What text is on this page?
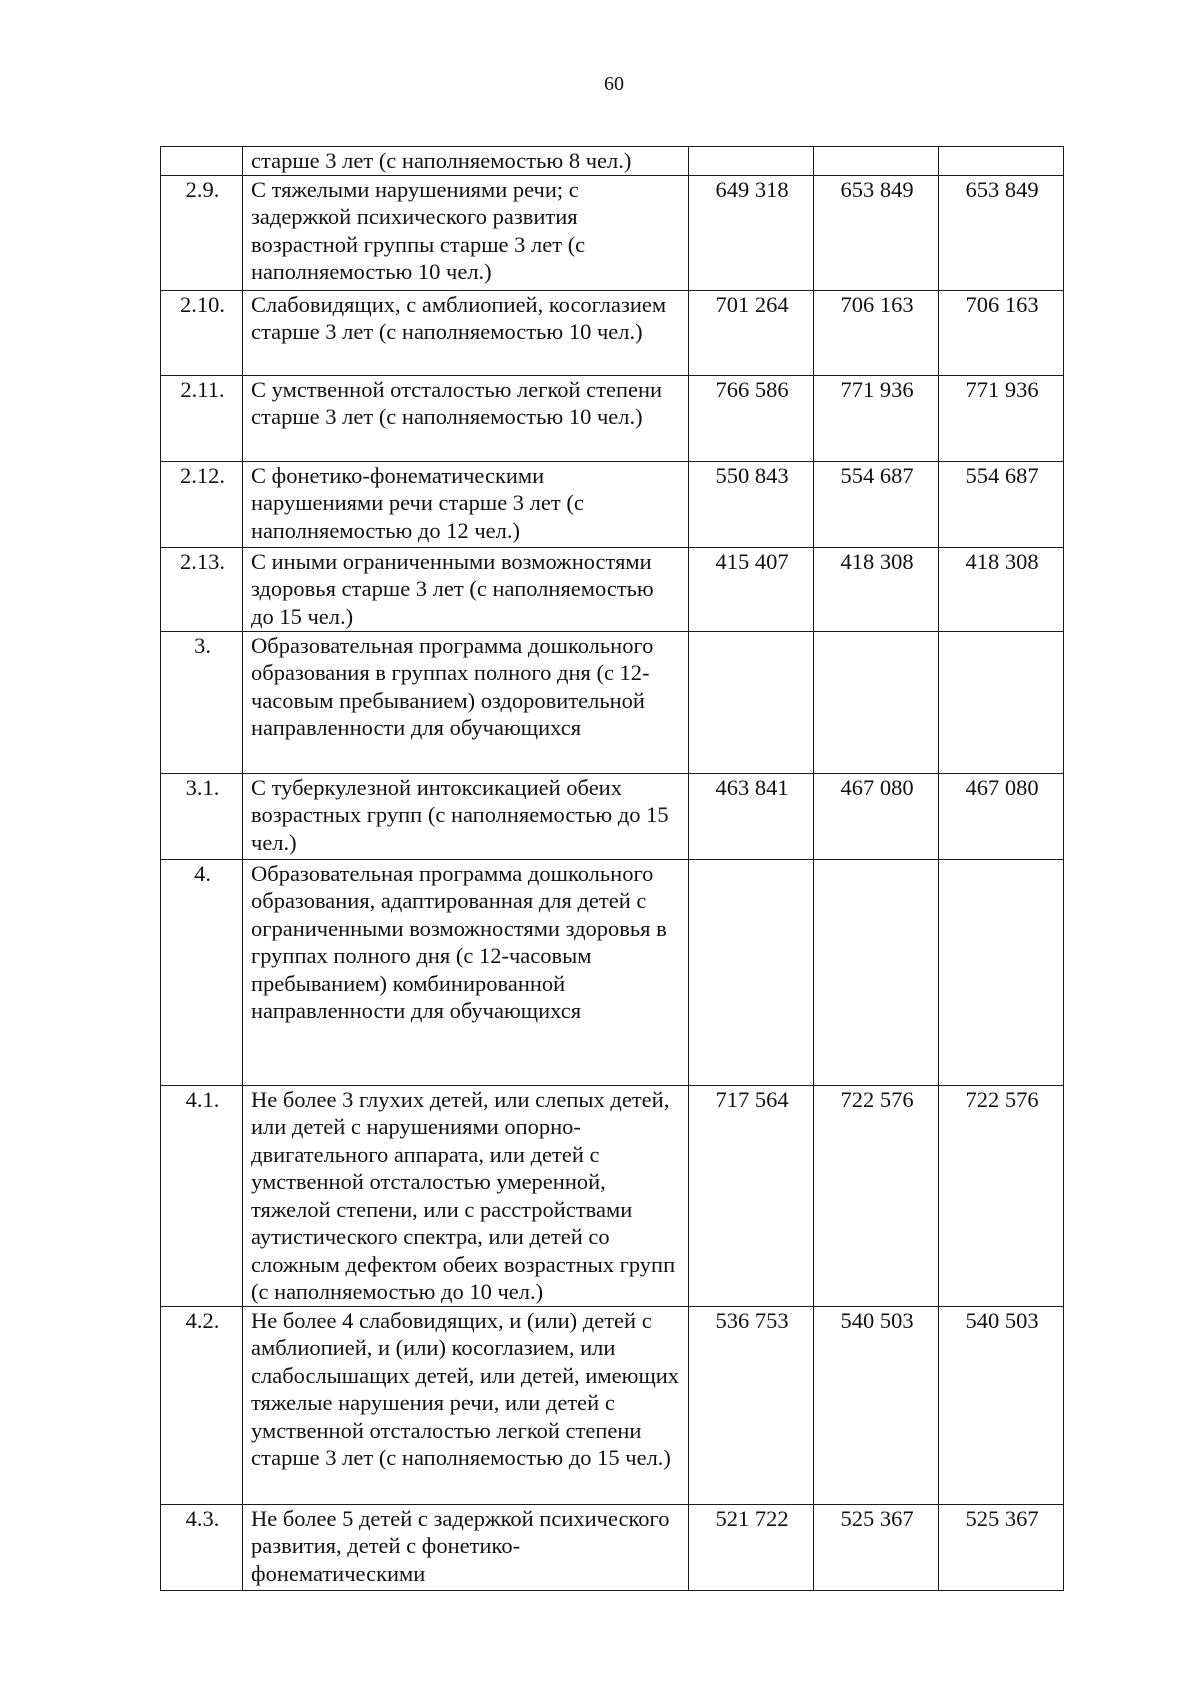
60
	старше 3 лет (с наполняемостью 8 чел.)			
2.9.	С тяжелыми нарушениями речи; с задержкой психического развития возрастной группы старше 3 лет (с наполняемостью 10 чел.)	649 318	653 849	653 849
2.10.	Слабовидящих, с амблиопией, косоглазием старше 3 лет (с наполняемостью 10 чел.)	701 264	706 163	706 163
2.11.	С умственной отсталостью легкой степени старше 3 лет (с наполняемостью 10 чел.)	766 586	771 936	771 936
2.12.	С фонетико-фонематическими нарушениями речи старше 3 лет (с наполняемостью до 12 чел.)	550 843	554 687	554 687
2.13.	С иными ограниченными возможностями здоровья старше 3 лет (с наполняемостью до 15 чел.)	415 407	418 308	418 308
3.	Образовательная программа дошкольного образования в группах полного дня (с 12-часовым пребыванием) оздоровительной направленности для обучающихся			
3.1.	С туберкулезной интоксикацией обеих возрастных групп (с наполняемостью до 15 чел.)	463 841	467 080	467 080
4.	Образовательная программа дошкольного образования, адаптированная для детей с ограниченными возможностями здоровья в группах полного дня (с 12-часовым пребыванием) комбинированной направленности для обучающихся			
4.1.	Не более 3 глухих детей, или слепых детей, или детей с нарушениями опорно-двигательного аппарата, или детей с умственной отсталостью умеренной, тяжелой степени, или с расстройствами аутистического спектра, или детей со сложным дефектом обеих возрастных групп (с наполняемостью до 10 чел.)	717 564	722 576	722 576
4.2.	Не более 4 слабовидящих, и (или) детей с амблиопией, и (или) косоглазием, или слабослышащих детей, или детей, имеющих тяжелые нарушения речи, или детей с умственной отсталостью легкой степени старше 3 лет (с наполняемостью до 15 чел.)	536 753	540 503	540 503
4.3.	Не более 5 детей с задержкой психического развития, детей с фонетико-фонематическими	521 722	525 367	525 367
